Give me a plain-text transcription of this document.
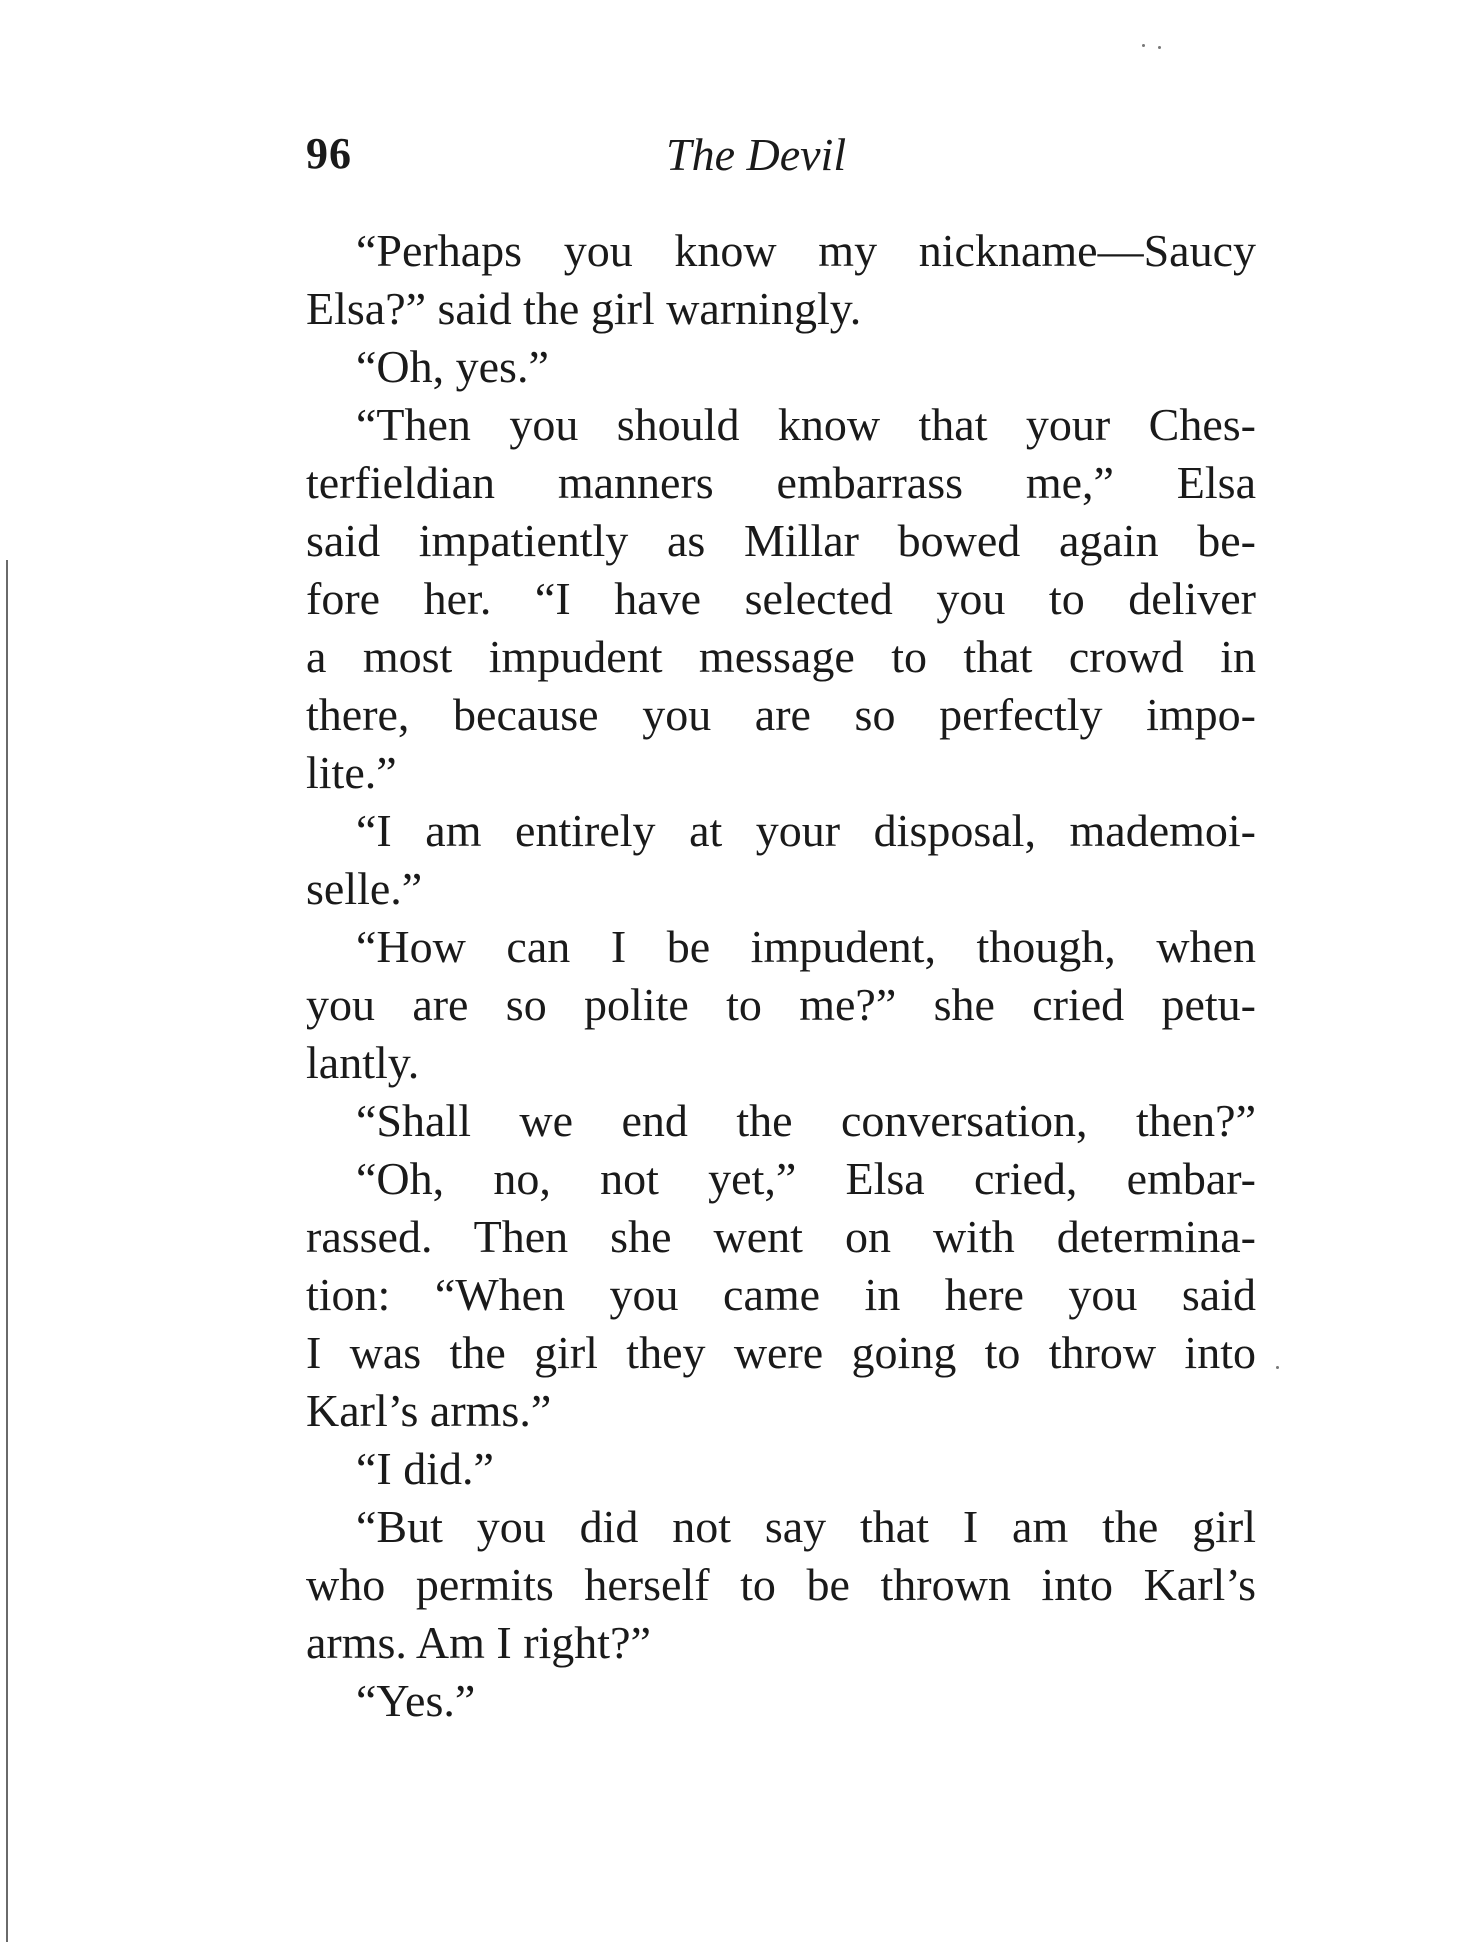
96	The Devil
“Perhaps you know my nickname—Saucy
Elsa?” said the girl warningly.
“Oh, yes.”
“Then you should know that your Ches-
terfieldian manners embarrass me,” Elsa
said impatiently as Millar bowed again be-
fore her. “I have selected you to deliver
a most impudent message to that crowd in
there, because you are so perfectly impo-
lite.”
“I am entirely at your disposal, mademoi-
selle.”
“How can I be impudent, though, when
you are so polite to me?” she cried petu-
lantly.
“Shall we end the conversation, then?”
“Oh, no, not yet,” Elsa cried, embar-
rassed. Then she went on with determina-
tion: “When you came in here you said
I was the girl they were going to throw into
Karl’s arms.”
“I did.”
“But you did not say that I am the girl
who permits herself to be thrown into Karl’s
arms. Am I right?”
“Yes.”
